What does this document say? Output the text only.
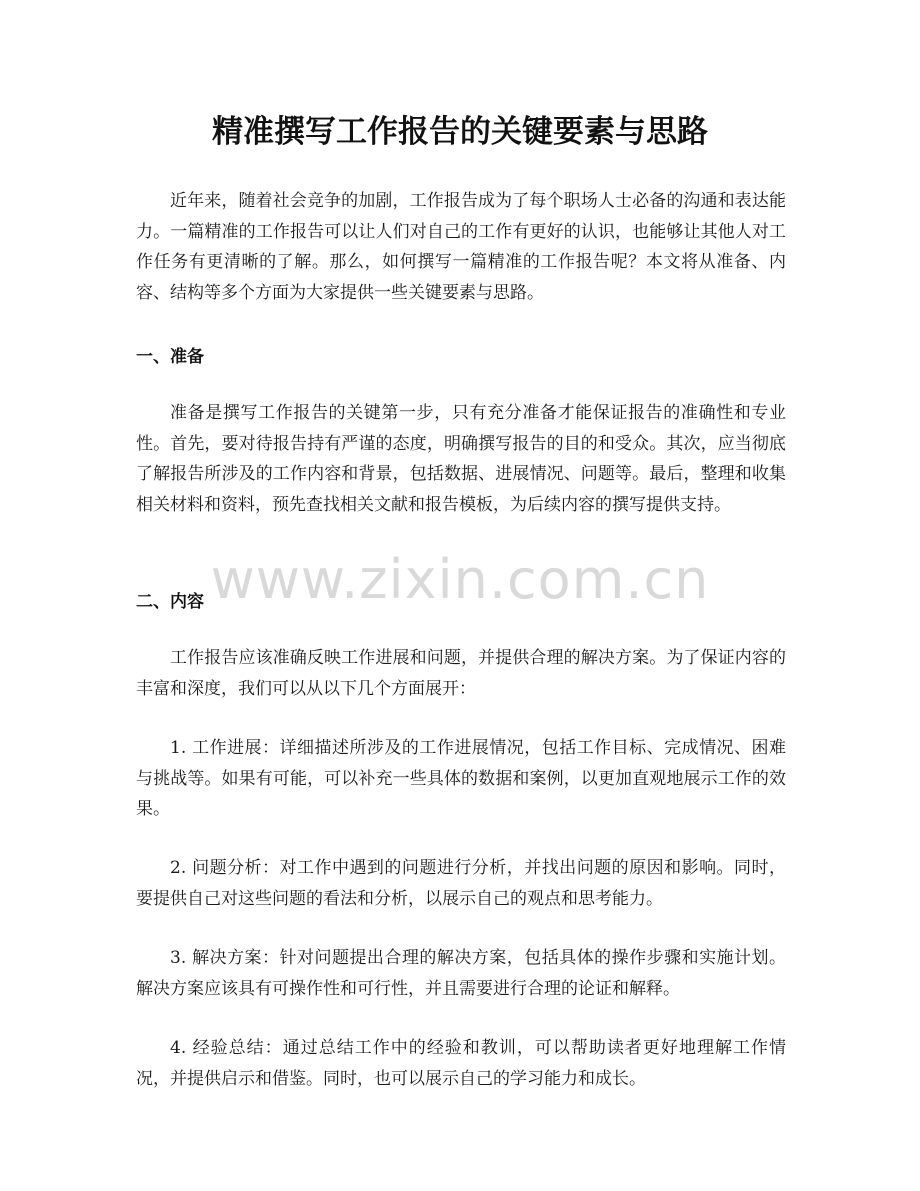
精准撰写工作报告的关键要素与思路

近年来，随着社会竞争的加剧，工作报告成为了每个职场人士必备的沟通和表达能力。一篇精准的工作报告可以让人们对自己的工作有更好的认识，也能够让其他人对工作任务有更清晰的了解。那么，如何撰写一篇精准的工作报告呢？本文将从准备、内容、结构等多个方面为大家提供一些关键要素与思路。

一、准备

准备是撰写工作报告的关键第一步，只有充分准备才能保证报告的准确性和专业性。首先，要对待报告持有严谨的态度，明确撰写报告的目的和受众。其次，应当彻底了解报告所涉及的工作内容和背景，包括数据、进展情况、问题等。最后，整理和收集相关材料和资料，预先查找相关文献和报告模板，为后续内容的撰写提供支持。

www.zixin.com.cn
二、内容

工作报告应该准确反映工作进展和问题，并提供合理的解决方案。为了保证内容的丰富和深度，我们可以从以下几个方面展开：

1. 工作进展：详细描述所涉及的工作进展情况，包括工作目标、完成情况、困难与挑战等。如果有可能，可以补充一些具体的数据和案例，以更加直观地展示工作的效果。

2. 问题分析：对工作中遇到的问题进行分析，并找出问题的原因和影响。同时，要提供自己对这些问题的看法和分析，以展示自己的观点和思考能力。

3. 解决方案：针对问题提出合理的解决方案，包括具体的操作步骤和实施计划。解决方案应该具有可操作性和可行性，并且需要进行合理的论证和解释。

4. 经验总结：通过总结工作中的经验和教训，可以帮助读者更好地理解工作情况，并提供启示和借鉴。同时，也可以展示自己的学习能力和成长。
